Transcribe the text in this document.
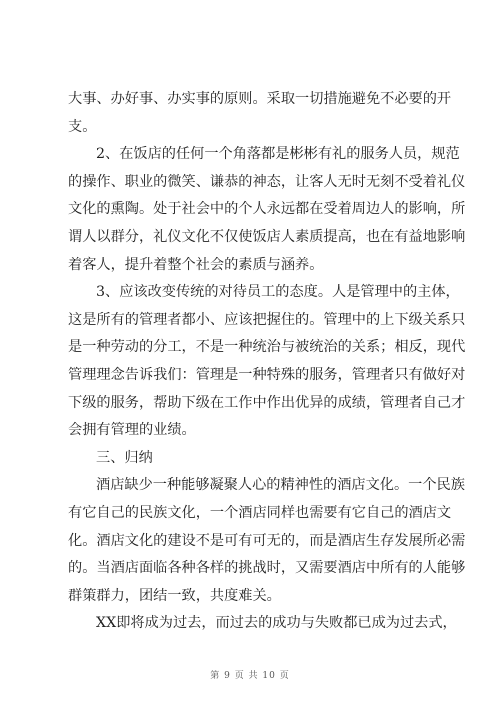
大事、办好事、办实事的原则。采取一切措施避免不必要的开
支。
2、在饭店的任何一个角落都是彬彬有礼的服务人员，规范
的操作、职业的微笑、谦恭的神态，让客人无时无刻不受着礼仪
文化的熏陶。处于社会中的个人永远都在受着周边人的影响，所
谓人以群分，礼仪文化不仅使饭店人素质提高，也在有益地影响
着客人，提升着整个社会的素质与涵养。
3、应该改变传统的对待员工的态度。人是管理中的主体，
这是所有的管理者都小、应该把握住的。管理中的上下级关系只
是一种劳动的分工，不是一种统治与被统治的关系；相反，现代
管理理念告诉我们：管理是一种特殊的服务，管理者只有做好对
下级的服务，帮助下级在工作中作出优异的成绩，管理者自己才
会拥有管理的业绩。
三、归纳
酒店缺少一种能够凝聚人心的精神性的酒店文化。一个民族
有它自己的民族文化，一个酒店同样也需要有它自己的酒店文
化。酒店文化的建设不是可有可无的，而是酒店生存发展所必需
的。当酒店面临各种各样的挑战时，又需要酒店中所有的人能够
群策群力，团结一致，共度难关。
XX即将成为过去，而过去的成功与失败都已成为过去式，
第 9 页 共 10 页
